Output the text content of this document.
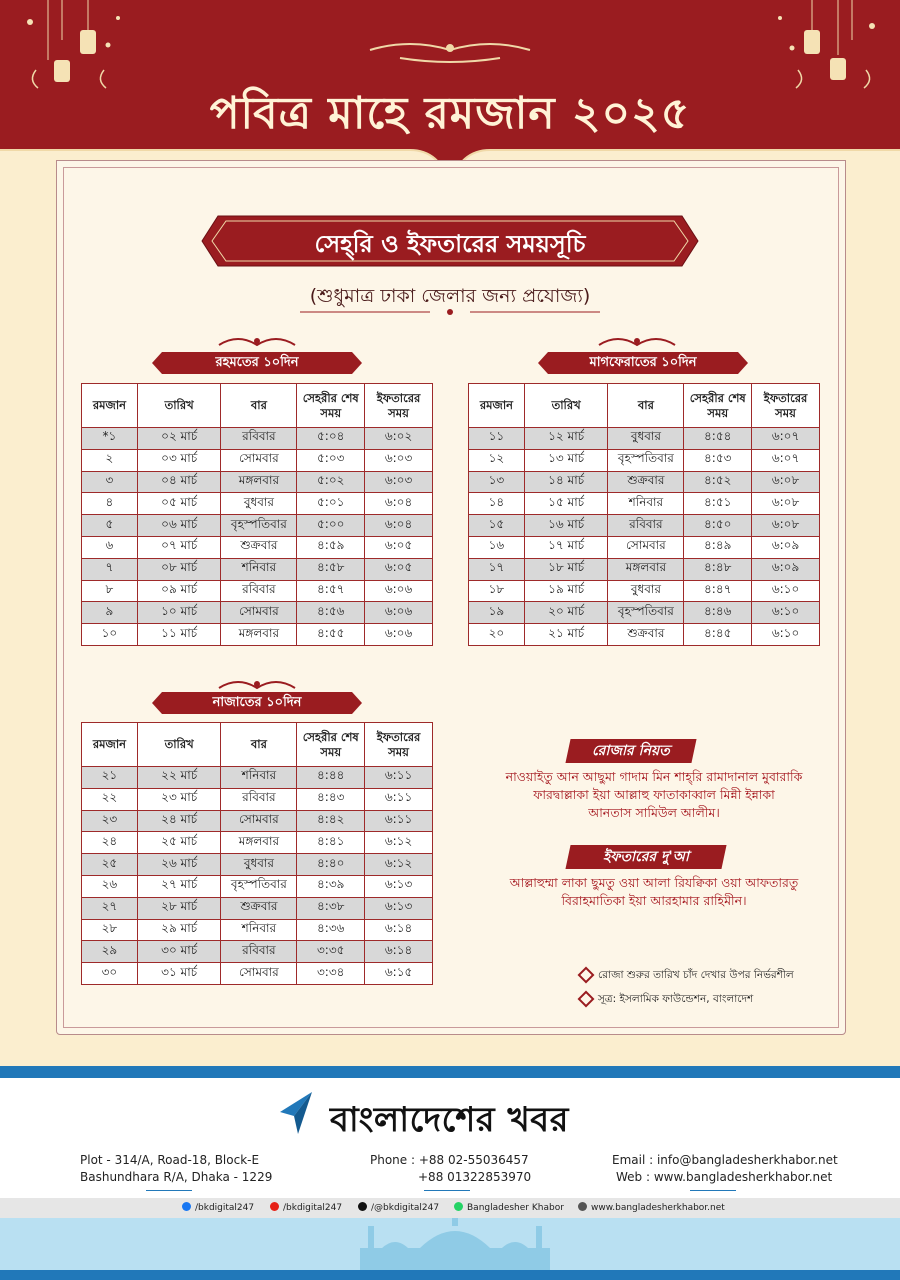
পবিত্র মাহে রমজান ২০২৫
সেহ্‌রি ও ইফতারের সময়সূচি
(শুধুমাত্র ঢাকা জেলার জন্য প্রযোজ্য)
রহমতের ১০দিন	মাগফেরাতের ১০দিন
নাজাতের ১০দিন
রমজান	তারিখ	বার	সেহরীর শেষ সময়	ইফতারের সময়
*১	০২ মার্চ	রবিবার	৫:০৪	৬:০২
২	০৩ মার্চ	সোমবার	৫:০৩	৬:০৩
৩	০৪ মার্চ	মঙ্গলবার	৫:০২	৬:০৩
৪	০৫ মার্চ	বুধবার	৫:০১	৬:০৪
৫	০৬ মার্চ	বৃহস্পতিবার	৫:০০	৬:০৪
৬	০৭ মার্চ	শুক্রবার	৪:৫৯	৬:০৫
৭	০৮ মার্চ	শনিবার	৪:৫৮	৬:০৫
৮	০৯ মার্চ	রবিবার	৪:৫৭	৬:০৬
৯	১০ মার্চ	সোমবার	৪:৫৬	৬:০৬
১০	১১ মার্চ	মঙ্গলবার	৪:৫৫	৬:০৬
রমজান	তারিখ	বার	সেহরীর শেষ সময়	ইফতারের সময়
১১	১২ মার্চ	বুধবার	৪:৫৪	৬:০৭
১২	১৩ মার্চ	বৃহস্পতিবার	৪:৫৩	৬:০৭
১৩	১৪ মার্চ	শুক্রবার	৪:৫২	৬:০৮
১৪	১৫ মার্চ	শনিবার	৪:৫১	৬:০৮
১৫	১৬ মার্চ	রবিবার	৪:৫০	৬:০৮
১৬	১৭ মার্চ	সোমবার	৪:৪৯	৬:০৯
১৭	১৮ মার্চ	মঙ্গলবার	৪:৪৮	৬:০৯
১৮	১৯ মার্চ	বুধবার	৪:৪৭	৬:১০
১৯	২০ মার্চ	বৃহস্পতিবার	৪:৪৬	৬:১০
২০	২১ মার্চ	শুক্রবার	৪:৪৫	৬:১০
রমজান	তারিখ	বার	সেহরীর শেষ সময়	ইফতারের সময়
২১	২২ মার্চ	শনিবার	৪:৪৪	৬:১১
২২	২৩ মার্চ	রবিবার	৪:৪৩	৬:১১
২৩	২৪ মার্চ	সোমবার	৪:৪২	৬:১১
২৪	২৫ মার্চ	মঙ্গলবার	৪:৪১	৬:১২
২৫	২৬ মার্চ	বুধবার	৪:৪০	৬:১২
২৬	২৭ মার্চ	বৃহস্পতিবার	৪:৩৯	৬:১৩
২৭	২৮ মার্চ	শুক্রবার	৪:৩৮	৬:১৩
২৮	২৯ মার্চ	শনিবার	৪:৩৬	৬:১৪
২৯	৩০ মার্চ	রবিবার	৩:৩৫	৬:১৪
৩০	৩১ মার্চ	সোমবার	৩:৩৪	৬:১৫
রোজার নিয়ত
নাওয়াইতু আন আছুমা গাদাম মিন শাহ্‌রি রামাদানাল মুবারাকি
ফারদ্বাল্লাকা ইয়া আল্লাহু ফাতাকাব্বাল মিন্নী ইন্নাকা
আনতাস সামিউল আলীম।
ইফতারের দু'আ
আল্লাহুম্মা লাকা ছুমতু ওয়া আলা রিযক্বিকা ওয়া আফতারতু
বিরাহমাতিকা ইয়া আরহামার রাহিমীন।
রোজা শুরুর তারিখ চাঁদ দেখার উপর নির্ভরশীল
সূত্র: ইসলামিক ফাউন্ডেশন, বাংলাদেশ
বাংলাদেশের খবর
Plot - 314/A, Road-18, Block-E
Bashundhara R/A, Dhaka - 1229
Phone : +88 02-55036457
+88 01322853970
Email : info@bangladesherkhabor.net
Web : www.bangladesherkhabor.net
/bkdigital247	/bkdigital247	/@bkdigital247	Bangladesher Khabor	www.bangladesherkhabor.net
